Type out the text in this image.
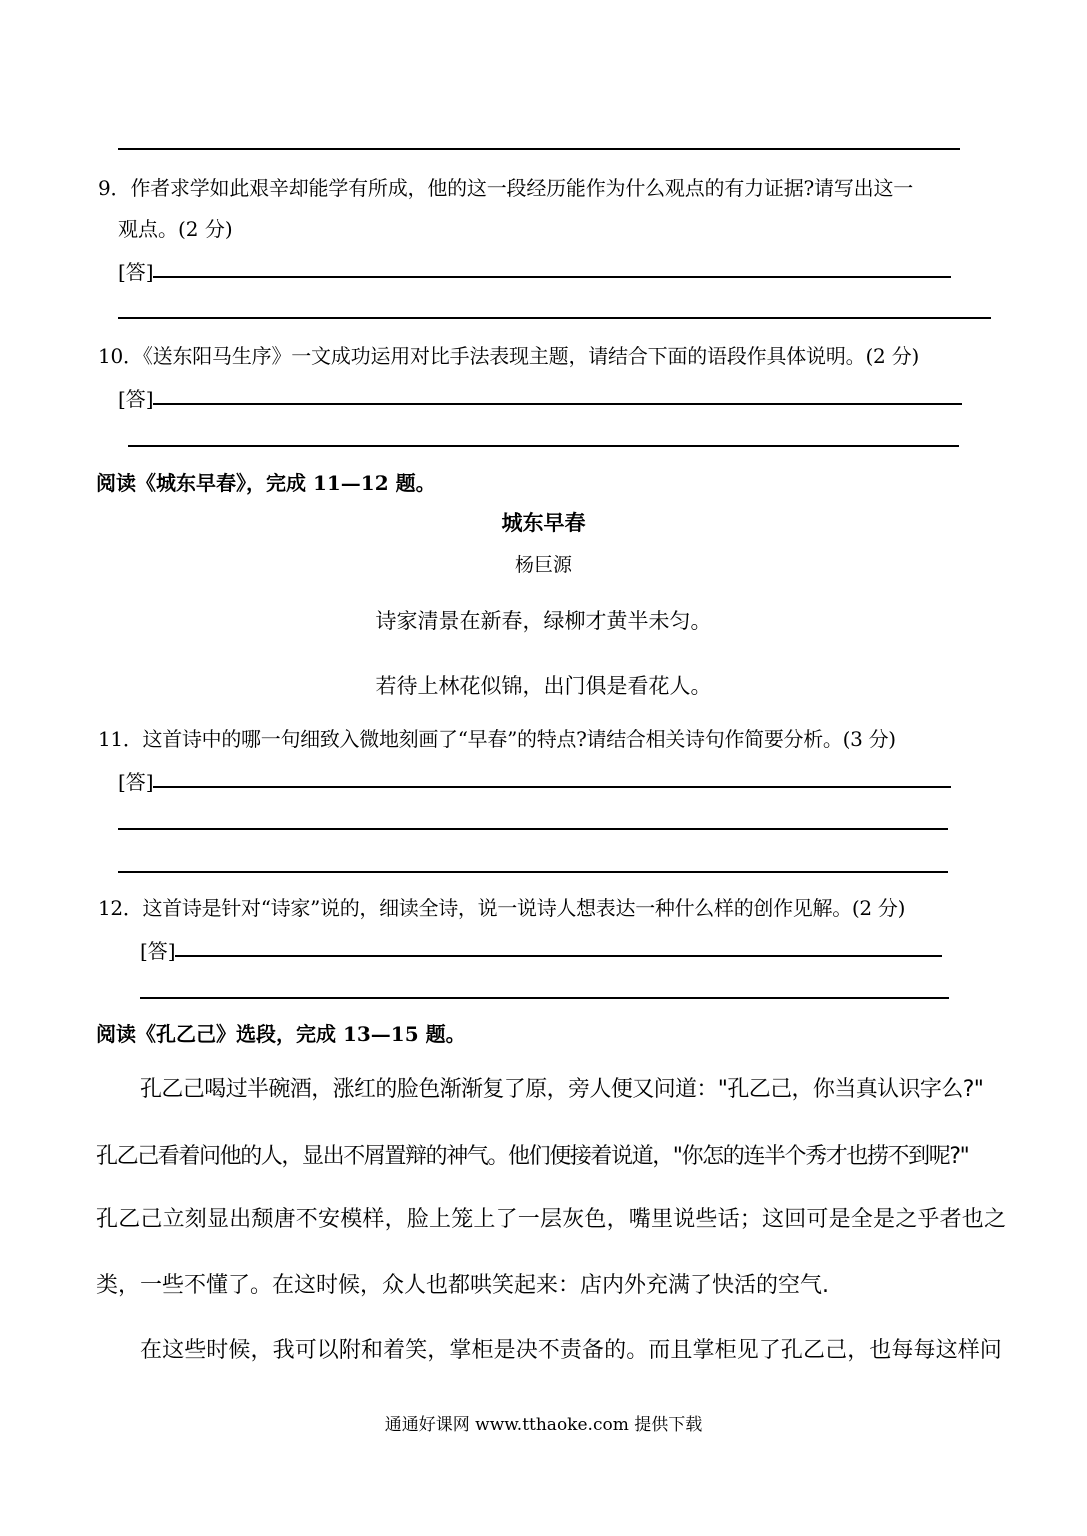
9．作者求学如此艰辛却能学有所成，他的这一段经历能作为什么观点的有力证据?请写出这一
观点。(2 分)
[答]
10．《送东阳马生序》一文成功运用对比手法表现主题，请结合下面的语段作具体说明。(2 分)
[答]
阅读《城东早春》，完成 11—12 题。
城东早春
杨巨源
诗家清景在新春，绿柳才黄半未匀。
若待上林花似锦，出门俱是看花人。
11．这首诗中的哪一句细致入微地刻画了“早春”的特点?请结合相关诗句作简要分析。(3 分)
[答]
12．这首诗是针对“诗家”说的，细读全诗，说一说诗人想表达一种什么样的创作见解。(2 分)
[答]
阅读《孔乙己》选段，完成 13—15 题。
孔乙己喝过半碗酒，涨红的脸色渐渐复了原，旁人便又问道："孔乙己，你当真认识字么?"
孔乙己看着问他的人，显出不屑置辩的神气。他们便接着说道，"你怎的连半个秀才也捞不到呢?"
孔乙己立刻显出颓唐不安模样，脸上笼上了一层灰色，嘴里说些话；这回可是全是之乎者也之
类，一些不懂了。在这时候，众人也都哄笑起来：店内外充满了快活的空气.
在这些时候，我可以附和着笑，掌柜是决不责备的。而且掌柜见了孔乙己，也每每这样问
通通好课网 www.tthaoke.com 提供下载
